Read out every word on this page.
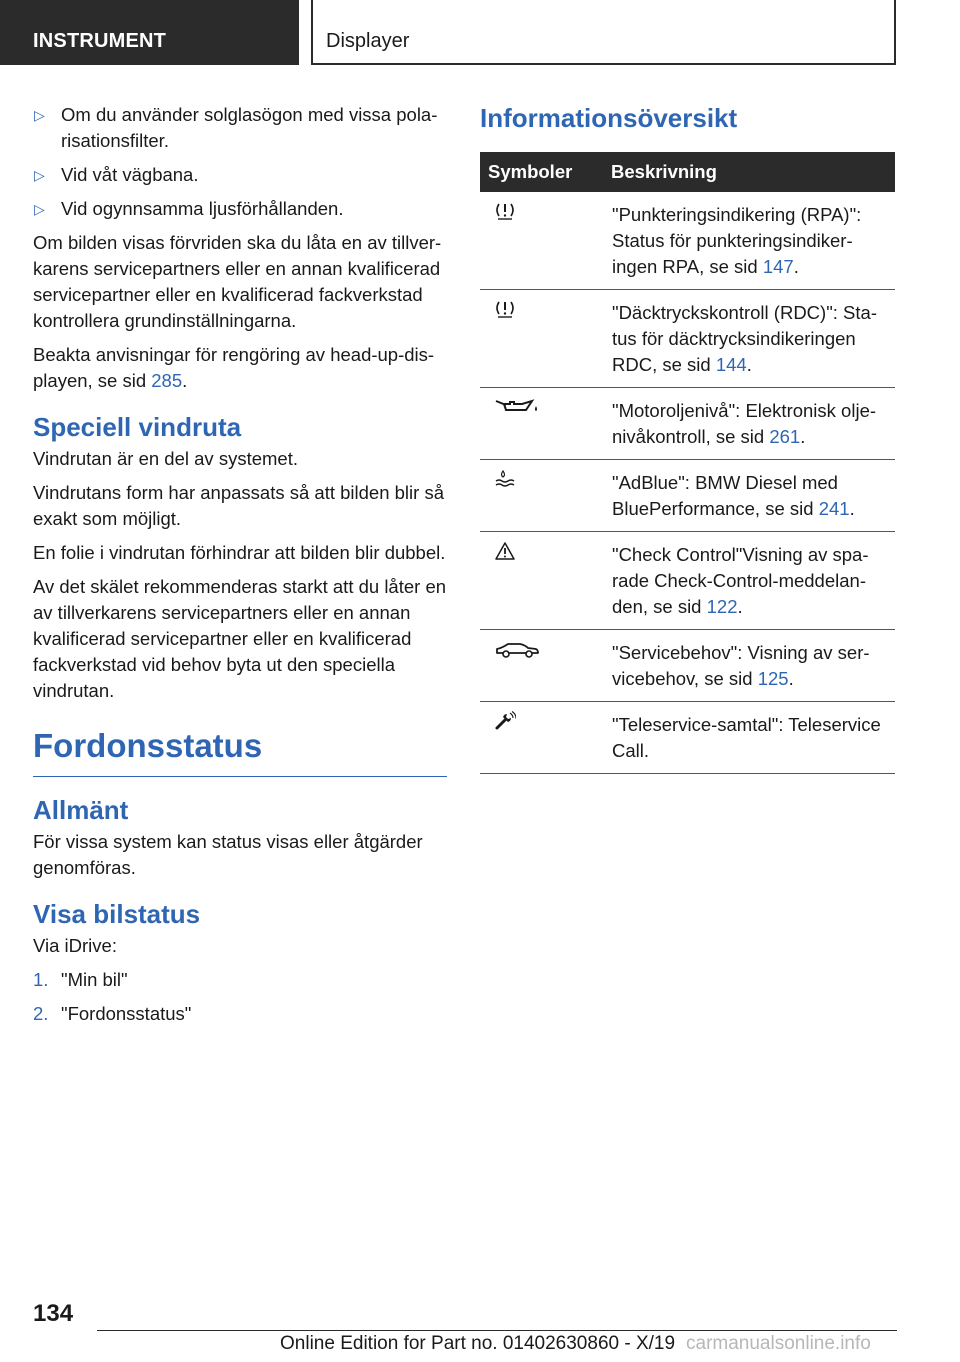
INSTRUMENT	Displayer
▷ Om du använder solglasögon med vissa polarisationsfilter.
▷ Vid våt vägbana.
▷ Vid ogynnsamma ljusförhållanden.
Om bilden visas förvriden ska du låta en av tillverkarens servicepartners eller en annan kvalificerad servicepartner eller en kvalificerad fackverkstad kontrollera grundinställningarna.
Beakta anvisningar för rengöring av head-up-displayen, se sid 285.
Speciell vindruta
Vindrutan är en del av systemet.
Vindrutans form har anpassats så att bilden blir så exakt som möjligt.
En folie i vindrutan förhindrar att bilden blir dubbel.
Av det skälet rekommenderas starkt att du låter en av tillverkarens servicepartners eller en annan kvalificerad servicepartner eller en kvalificerad fackverkstad vid behov byta ut den speciella vindrutan.
Fordonsstatus
Allmänt
För vissa system kan status visas eller åtgärder genomföras.
Visa bilstatus
Via iDrive:
1. "Min bil"
2. "Fordonsstatus"
Informationsöversikt
Symboler	Beskrivning
	"Punkteringsindikering (RPA)": Status för punkteringsindikeringen RPA, se sid 147.
	"Däcktryckskontroll (RDC)": Status för däcktrycksindikeringen RDC, se sid 144.
	"Motoroljenivå": Elektronisk oljenivåkontroll, se sid 261.
	"AdBlue": BMW Diesel med BluePerformance, se sid 241.
	"Check Control"Visning av sparade Check-Control-meddelanden, se sid 122.
	"Servicebehov": Visning av servicebehov, se sid 125.
	"Teleservice-samtal": Teleservice Call.
134
Online Edition for Part no. 01402630860 - X/19 carmanualsonline.info
